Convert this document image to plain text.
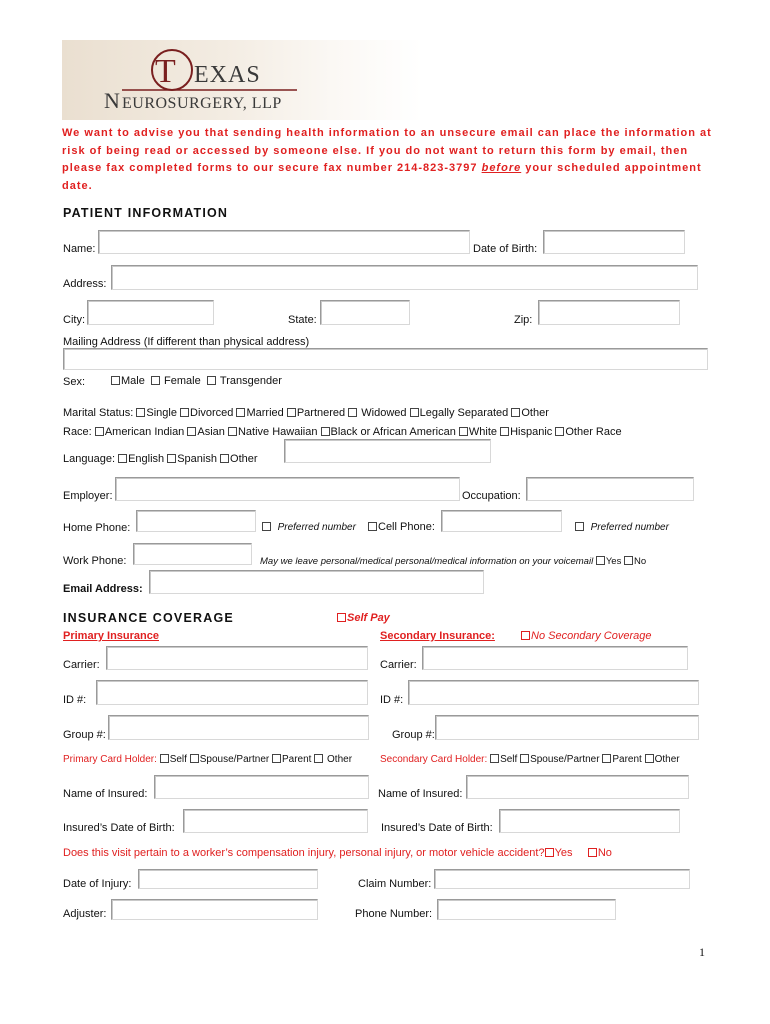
T EXAS
N EUROSURGERY, LLP
We want to advise you that sending health information to an unsecure email can place the information at risk of being read or accessed by someone else. If you do not want to return this form by email, then please fax completed forms to our secure fax number 214-823-3797 before your scheduled appointment date.
PATIENT INFORMATION
Name:	Date of Birth:
Address:
City:	State:	Zip:
Mailing Address (If different than physical address)
Sex:	Male Female Transgender
Marital Status: Single Divorced Married Partnered Widowed Legally Separated Other
Race: American Indian Asian Native Hawaiian Black or African American White Hispanic Other Race
Language: English Spanish Other
Employer:	Occupation:
Home Phone:	Preferred number	Cell Phone:	Preferred number
Work Phone:	May we leave personal/medical personal/medical information on your voicemail Yes No
Email Address:
INSURANCE COVERAGE	Self Pay
Primary Insurance	Secondary Insurance:	No Secondary Coverage
Carrier:	Carrier:
ID #:	ID #:
Group #:	Group #:
Primary Card Holder: Self Spouse/Partner Parent Other	Secondary Card Holder: Self Spouse/Partner Parent Other
Name of Insured:	Name of Insured:
Insured’s Date of Birth:	Insured’s Date of Birth:
Does this visit pertain to a worker’s compensation injury, personal injury, or motor vehicle accident? Yes No
Date of Injury:	Claim Number:
Adjuster:	Phone Number:
1
